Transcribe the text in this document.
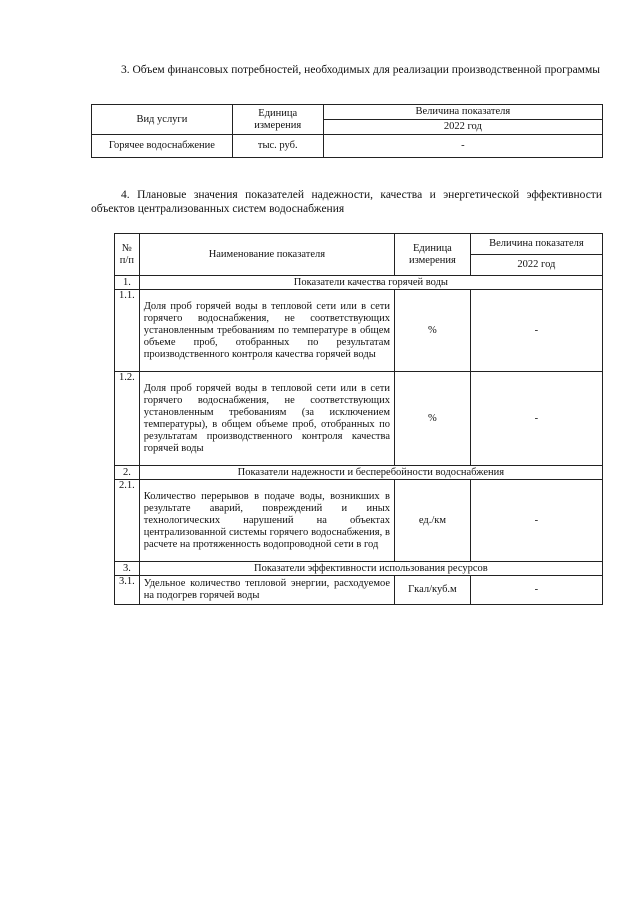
3. Объем финансовых потребностей, необходимых для реализации производственной программы

Вид услуги	Единица измерения	Величина показателя
		2022 год
Горячее водоснабжение	тыс. руб.	-

4. Плановые значения показателей надежности, качества и энергетической эффективности объектов централизованных систем водоснабжения

№ п/п	Наименование показателя	Единица измерения	Величина показателя
			2022 год
1.	Показатели качества горячей воды		
1.1.	Доля проб горячей воды в тепловой сети или в сети горячего водоснабжения, не соответствующих установленным требованиям по температуре в общем объеме проб, отобранных по результатам производственного контроля качества горячей воды	%	-
1.2.	Доля проб горячей воды в тепловой сети или в сети горячего водоснабжения, не соответствующих установленным требованиям (за исключением температуры), в общем объеме проб, отобранных по результатам производственного контроля качества горячей воды	%	-
2.	Показатели надежности и бесперебойности водоснабжения		
2.1.	Количество перерывов в подаче воды, возникших в результате аварий, повреждений и иных технологических нарушений на объектах централизованной системы горячего водоснабжения, в расчете на протяженность водопроводной сети в год	ед./км	-
3.	Показатели эффективности использования ресурсов		
3.1.	Удельное количество тепловой энергии, расходуемое на подогрев горячей воды	Гкал/куб.м	-
